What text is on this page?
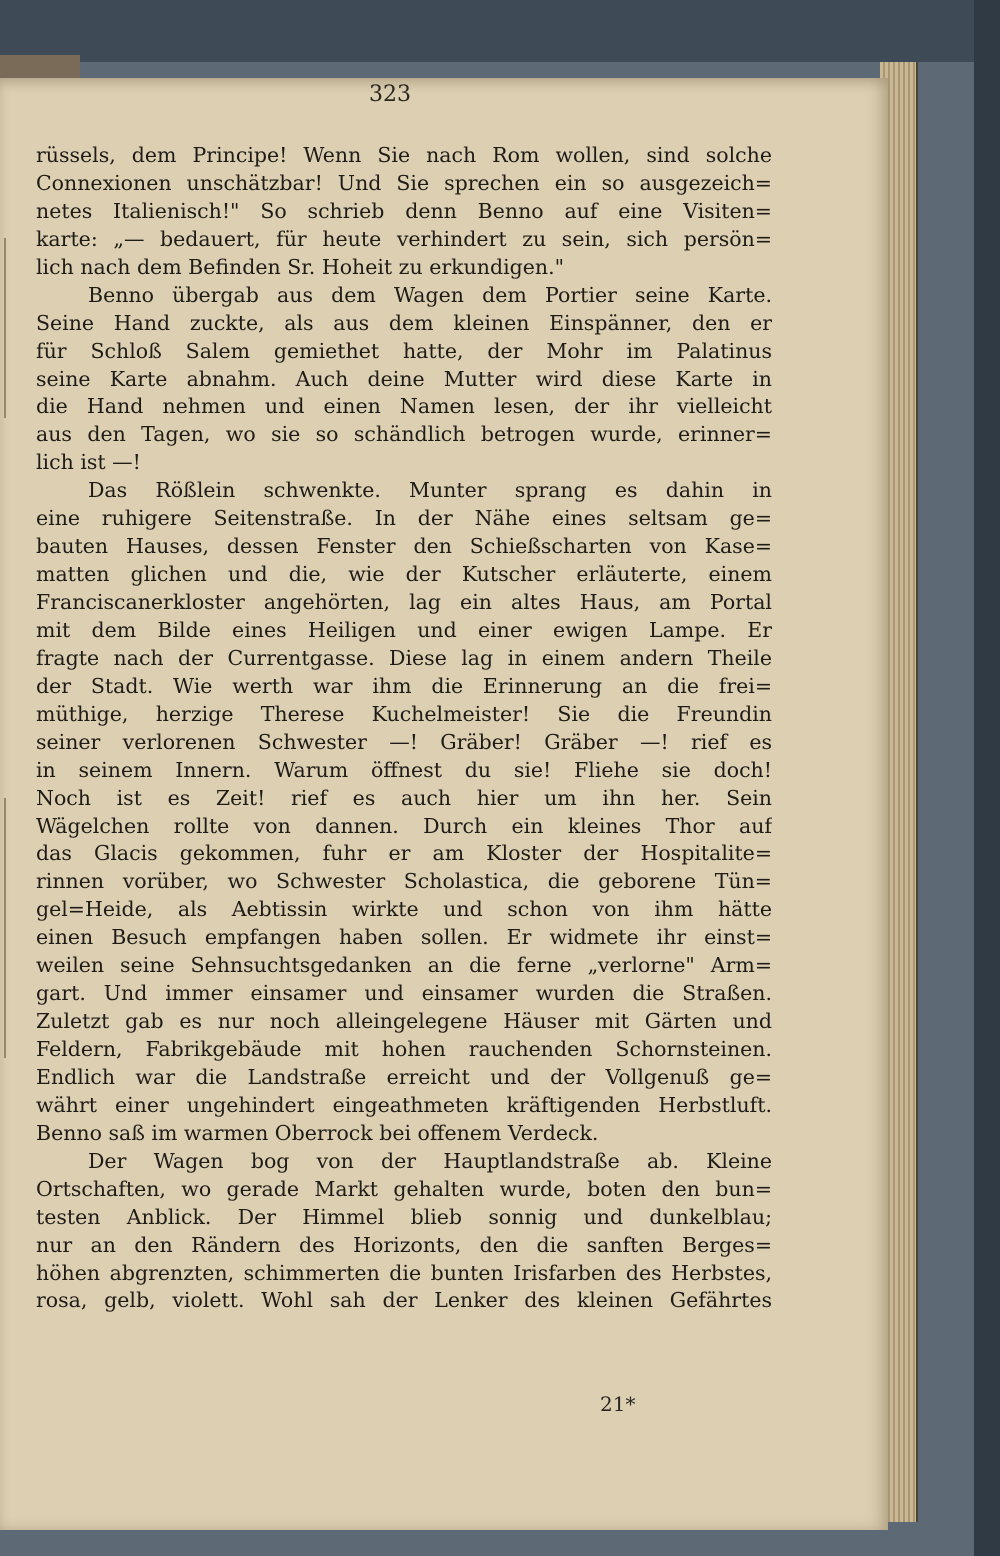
323
rüssels, dem Principe! Wenn Sie nach Rom wollen, sind solche
Connexionen unschätzbar! Und Sie sprechen ein so ausgezeich=
netes Italienisch!" So schrieb denn Benno auf eine Visiten=
karte: „— bedauert, für heute verhindert zu sein, sich persön=
lich nach dem Befinden Sr. Hoheit zu erkundigen."
Benno übergab aus dem Wagen dem Portier seine Karte.
Seine Hand zuckte, als aus dem kleinen Einspänner, den er
für Schloß Salem gemiethet hatte, der Mohr im Palatinus
seine Karte abnahm. Auch deine Mutter wird diese Karte in
die Hand nehmen und einen Namen lesen, der ihr vielleicht
aus den Tagen, wo sie so schändlich betrogen wurde, erinner=
lich ist —!
Das Rößlein schwenkte. Munter sprang es dahin in
eine ruhigere Seitenstraße. In der Nähe eines seltsam ge=
bauten Hauses, dessen Fenster den Schießscharten von Kase=
matten glichen und die, wie der Kutscher erläuterte, einem
Franciscanerkloster angehörten, lag ein altes Haus, am Portal
mit dem Bilde eines Heiligen und einer ewigen Lampe. Er
fragte nach der Currentgasse. Diese lag in einem andern Theile
der Stadt. Wie werth war ihm die Erinnerung an die frei=
müthige, herzige Therese Kuchelmeister! Sie die Freundin
seiner verlorenen Schwester —! Gräber! Gräber —! rief es
in seinem Innern. Warum öffnest du sie! Fliehe sie doch!
Noch ist es Zeit! rief es auch hier um ihn her. Sein
Wägelchen rollte von dannen. Durch ein kleines Thor auf
das Glacis gekommen, fuhr er am Kloster der Hospitalite=
rinnen vorüber, wo Schwester Scholastica, die geborene Tün=
gel=Heide, als Aebtissin wirkte und schon von ihm hätte
einen Besuch empfangen haben sollen. Er widmete ihr einst=
weilen seine Sehnsuchtsgedanken an die ferne „verlorne" Arm=
gart. Und immer einsamer und einsamer wurden die Straßen.
Zuletzt gab es nur noch alleingelegene Häuser mit Gärten und
Feldern, Fabrikgebäude mit hohen rauchenden Schornsteinen.
Endlich war die Landstraße erreicht und der Vollgenuß ge=
währt einer ungehindert eingeathmeten kräftigenden Herbstluft.
Benno saß im warmen Oberrock bei offenem Verdeck.
Der Wagen bog von der Hauptlandstraße ab. Kleine
Ortschaften, wo gerade Markt gehalten wurde, boten den bun=
testen Anblick. Der Himmel blieb sonnig und dunkelblau;
nur an den Rändern des Horizonts, den die sanften Berges=
höhen abgrenzten, schimmerten die bunten Irisfarben des Herbstes,
rosa, gelb, violett. Wohl sah der Lenker des kleinen Gefährtes
21*
